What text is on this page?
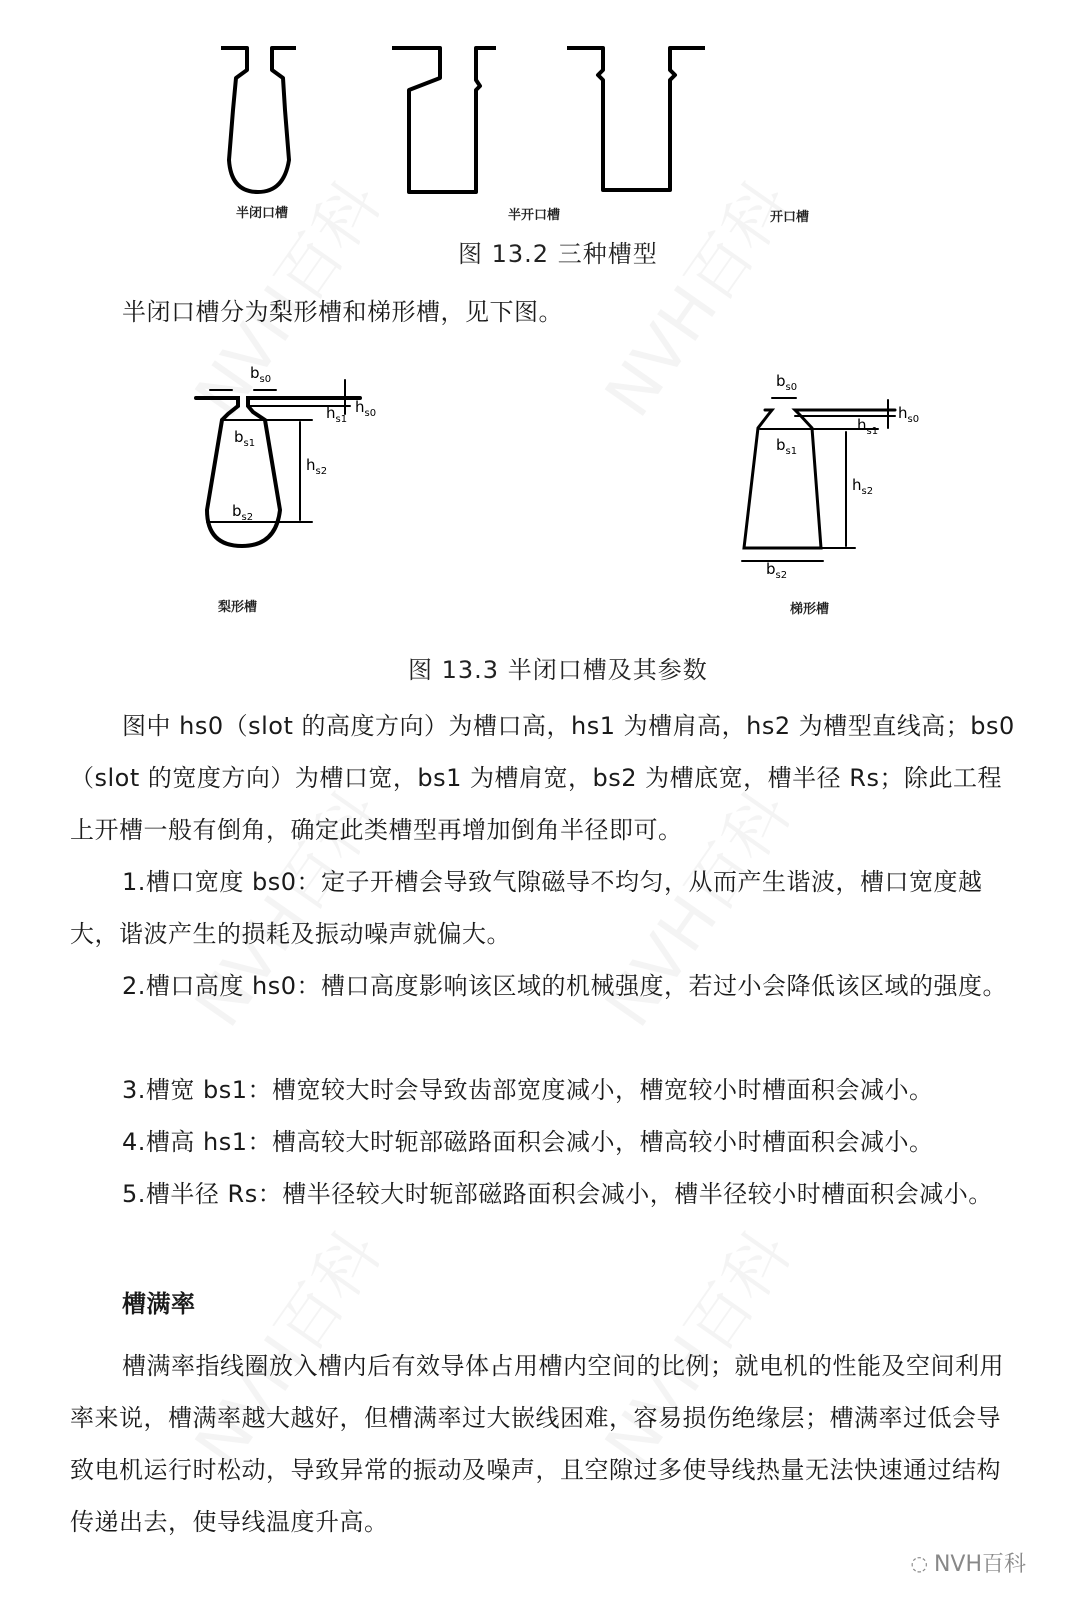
半闭口槽	半开口槽	开口槽
图 13.2 三种槽型
半闭口槽分为梨形槽和梯形槽，见下图。
$b_{s0}$
$b_{s1}$
$h_{s2}$
$b_{s2}$
$h_{s1}$
$h_{s0}$
$b_{s0}$
$b_{s1}$
$h_{s2}$
$b_{s2}$
$h_{s1}$
$h_{s0}$
梨形槽	梯形槽
图 13.3 半闭口槽及其参数
图中 hs0（slot 的高度方向）为槽口高，hs1 为槽肩高，hs2 为槽型直线高；bs0（slot 的宽度方向）为槽口宽，bs1 为槽肩宽，bs2 为槽底宽，槽半径 Rs；除此工程上开槽一般有倒角，确定此类槽型再增加倒角半径即可。
1.槽口宽度 bs0：定子开槽会导致气隙磁导不均匀，从而产生谐波，槽口宽度越大，谐波产生的损耗及振动噪声就偏大。
2.槽口高度 hs0：槽口高度影响该区域的机械强度，若过小会降低该区域的强度。
3.槽宽 bs1：槽宽较大时会导致齿部宽度减小，槽宽较小时槽面积会减小。
4.槽高 hs1：槽高较大时轭部磁路面积会减小，槽高较小时槽面积会减小。
5.槽半径 Rs：槽半径较大时轭部磁路面积会减小，槽半径较小时槽面积会减小。
槽满率
槽满率指线圈放入槽内后有效导体占用槽内空间的比例；就电机的性能及空间利用率来说，槽满率越大越好，但槽满率过大嵌线困难，容易损伤绝缘层；槽满率过低会导致电机运行时松动，导致异常的振动及噪声，且空隙过多使导线热量无法快速通过结构传递出去，使导线温度升高。
◌ NVH百科
